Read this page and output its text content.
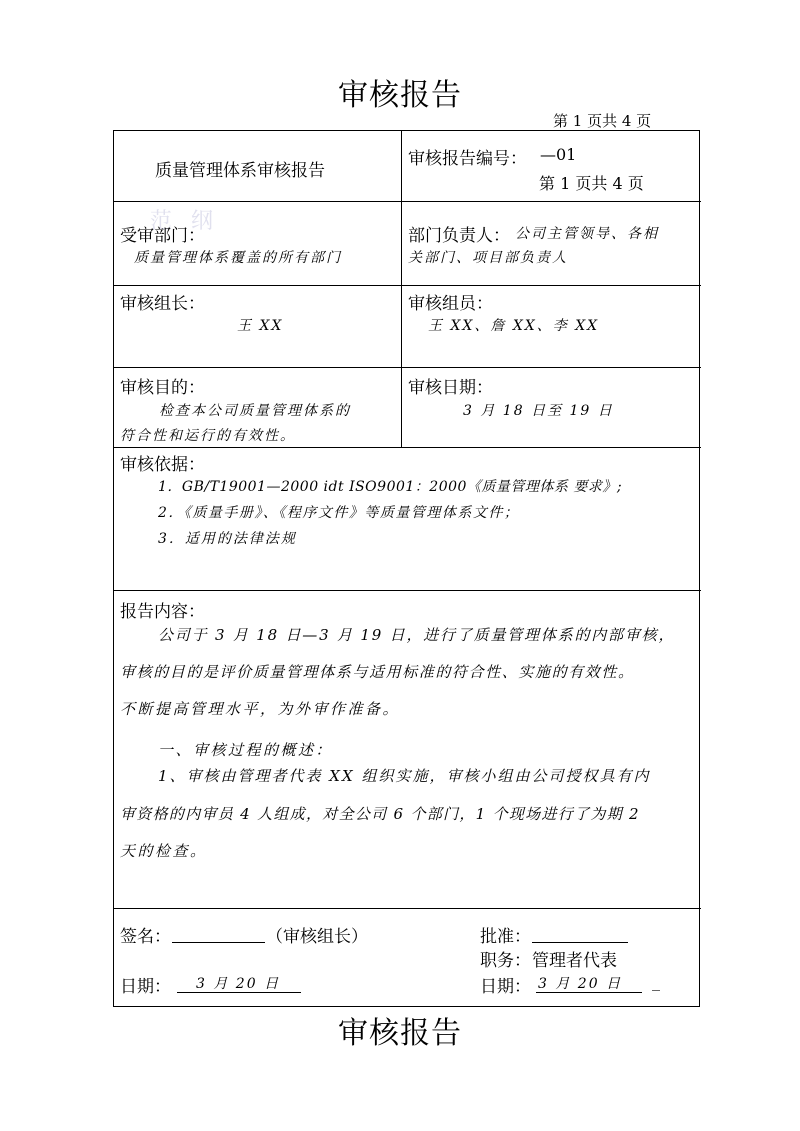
审核报告
第 1 页共 4 页
质量管理体系审核报告
审核报告编号： —01
第 1 页共 4 页
范 纲
受审部门：
质量管理体系覆盖的所有部门
部门负责人： 公司主管领导、各相
关部门、项目部负责人
审核组长：
王 XX
审核组员：
王 XX、詹 XX、李 XX
审核目的：
检查本公司质量管理体系的
符合性和运行的有效性。
审核日期：
3 月 18 日至 19 日
审核依据：
1．GB/T19001—2000 idt ISO9001：2000《质量管理体系 要求》;
2．《质量手册》、《程序文件》等质量管理体系文件；
3．适用的法律法规
报告内容：
公司于 3 月 18 日—3 月 19 日，进行了质量管理体系的内部审核，
审核的目的是评价质量管理体系与适用标准的符合性、实施的有效性。
不断提高管理水平，为外审作准备。
一、审核过程的概述：
1、审核由管理者代表 XX 组织实施，审核小组由公司授权具有内
审资格的内审员 4 人组成，对全公司 6 个部门，1 个现场进行了为期 2
天的检查。
签名：	（审核组长）	批准：
职务： 管理者代表
日期： 3 月 20 日	日期： 3 月 20 日 _
审核报告
